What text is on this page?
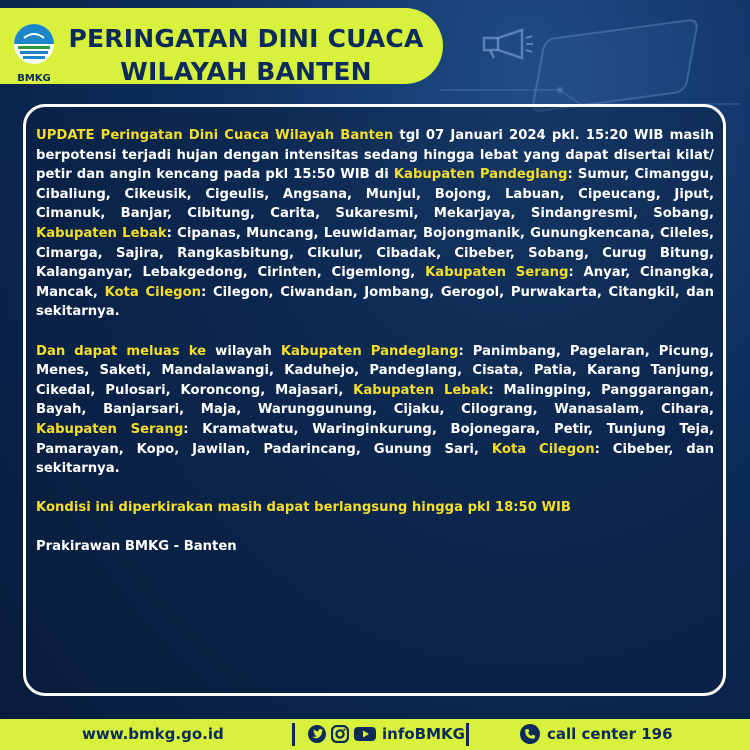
BMKG
PERINGATAN DINI CUACA
WILAYAH BANTEN

UPDATE Peringatan Dini Cuaca Wilayah Banten tgl 07 Januari 2024 pkl. 15:20 WIB masih berpotensi terjadi hujan dengan intensitas sedang hingga lebat yang dapat disertai kilat/ petir dan angin kencang pada pkl 15:50 WIB di Kabupaten Pandeglang: Sumur, Cimanggu, Cibaliung, Cikeusik, Cigeulis, Angsana, Munjul, Bojong, Labuan, Cipeucang, Jiput, Cimanuk, Banjar, Cibitung, Carita, Sukaresmi, Mekarjaya, Sindangresmi, Sobang, Kabupaten Lebak: Cipanas, Muncang, Leuwidamar, Bojongmanik, Gunungkencana, Cileles, Cimarga, Sajira, Rangkasbitung, Cikulur, Cibadak, Cibeber, Sobang, Curug Bitung, Kalanganyar, Lebakgedong, Cirinten, Cigemlong, Kabupaten Serang: Anyar, Cinangka, Mancak, Kota Cilegon: Cilegon, Ciwandan, Jombang, Gerogol, Purwakarta, Citangkil, dan sekitarnya.

Dan dapat meluas ke wilayah Kabupaten Pandeglang: Panimbang, Pagelaran, Picung, Menes, Saketi, Mandalawangi, Kaduhejo, Pandeglang, Cisata, Patia, Karang Tanjung, Cikedal, Pulosari, Koroncong, Majasari, Kabupaten Lebak: Malingping, Panggarangan, Bayah, Banjarsari, Maja, Warunggunung, Cijaku, Cilograng, Wanasalam, Cihara, Kabupaten Serang: Kramatwatu, Waringinkurung, Bojonegara, Petir, Tunjung Teja, Pamarayan, Kopo, Jawilan, Padarincang, Gunung Sari, Kota Cilegon: Cibeber, dan sekitarnya.

Kondisi ini diperkirakan masih dapat berlangsung hingga pkl 18:50 WIB

Prakirawan BMKG - Banten

www.bmkg.go.id	infoBMKG	call center 196
